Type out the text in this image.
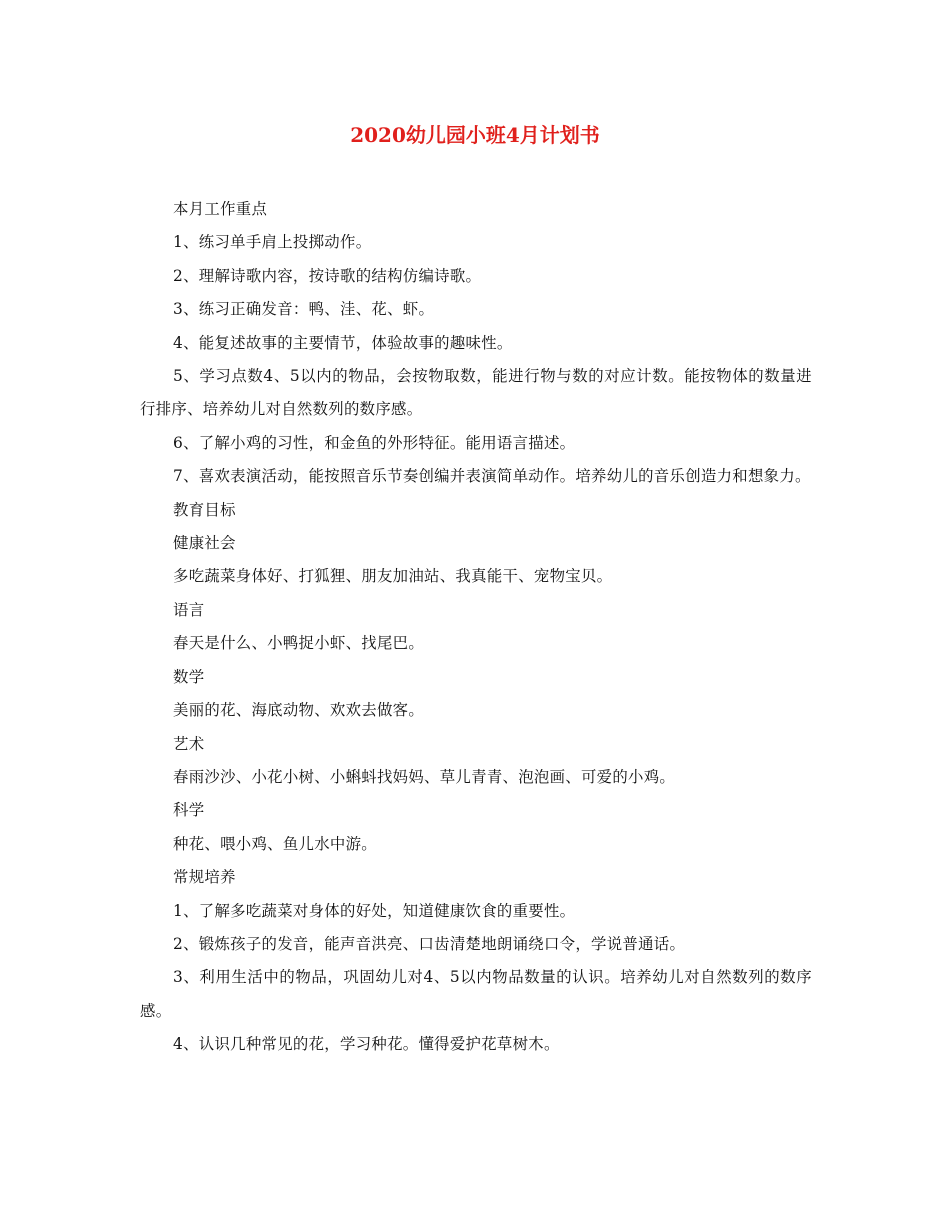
2020幼儿园小班4月计划书

本月工作重点

1、练习单手肩上投掷动作。

2、理解诗歌内容，按诗歌的结构仿编诗歌。

3、练习正确发音：鸭、洼、花、虾。

4、能复述故事的主要情节，体验故事的趣味性。

5、学习点数4、5以内的物品，会按物取数，能进行物与数的对应计数。能按物体的数量进行排序、培养幼儿对自然数列的数序感。

6、了解小鸡的习性，和金鱼的外形特征。能用语言描述。

7、喜欢表演活动，能按照音乐节奏创编并表演简单动作。培养幼儿的音乐创造力和想象力。

教育目标

健康社会

多吃蔬菜身体好、打狐狸、朋友加油站、我真能干、宠物宝贝。

语言

春天是什么、小鸭捉小虾、找尾巴。

数学

美丽的花、海底动物、欢欢去做客。

艺术

春雨沙沙、小花小树、小蝌蚪找妈妈、草儿青青、泡泡画、可爱的小鸡。

科学

种花、喂小鸡、鱼儿水中游。

常规培养

1、了解多吃蔬菜对身体的好处，知道健康饮食的重要性。

2、锻炼孩子的发音，能声音洪亮、口齿清楚地朗诵绕口令，学说普通话。

3、利用生活中的物品，巩固幼儿对4、5以内物品数量的认识。培养幼儿对自然数列的数序感。

4、认识几种常见的花，学习种花。懂得爱护花草树木。
